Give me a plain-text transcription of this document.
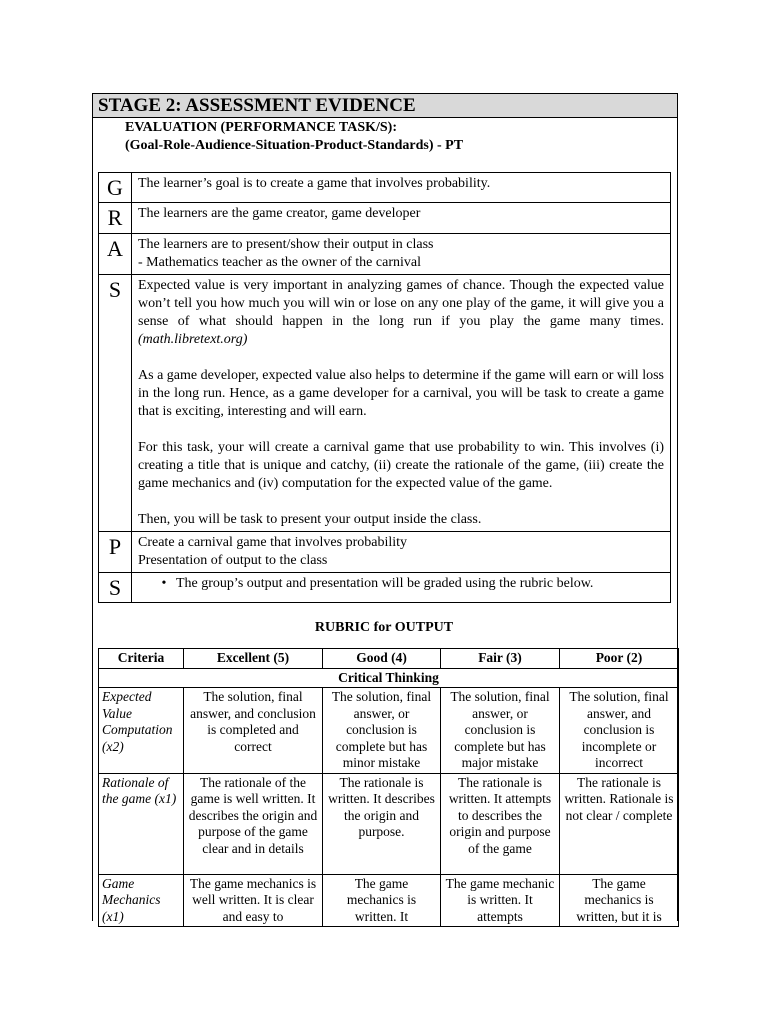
STAGE 2: ASSESSMENT EVIDENCE
EVALUATION (PERFORMANCE TASK/S):
(Goal-Role-Audience-Situation-Product-Standards) - PT
G	The learner’s goal is to create a game that involves probability.
R	The learners are the game creator, game developer
A	The learners are to present/show their output in class
- Mathematics teacher as the owner of the carnival

S	Expected value is very important in analyzing games of chance. Though the expected value won’t tell you how much you will win or lose on any one play of the game, it will give you a sense of what should happen in the long run if you play the game many times. (math.libretext.org)

As a game developer, expected value also helps to determine if the game will earn or will loss in the long run. Hence, as a game developer for a carnival, you will be task to create a game that is exciting, interesting and will earn.

For this task, your will create a carnival game that use probability to win. This involves (i) creating a title that is unique and catchy, (ii) create the rationale of the game, (iii) create the game mechanics and (iv) computation for the expected value of the game.

Then, you will be task to present your output inside the class.

P	Create a carnival game that involves probability
Presentation of output to the class

S	• The group’s output and presentation will be graded using the rubric below.
RUBRIC for OUTPUT
Criteria	Excellent (5)	Good (4)	Fair (3)	Poor (2)
Critical Thinking				
Expected Value Computation (x2)	The solution, final answer, and conclusion is completed and correct	The solution, final answer, or conclusion is complete but has minor mistake	The solution, final answer, or conclusion is complete but has major mistake	The solution, final answer, and conclusion is incomplete or incorrect
Rationale of the game (x1)	The rationale of the game is well written. It describes the origin and purpose of the game clear and in details	The rationale is written. It describes the origin and purpose.	The rationale is written. It attempts to describes the origin and purpose of the game	The rationale is written. Rationale is not clear / complete
Game Mechanics (x1)	The game mechanics is well written. It is clear and easy to	The game mechanics is written. It	The game mechanic is written. It attempts	The game mechanics is written, but it is
